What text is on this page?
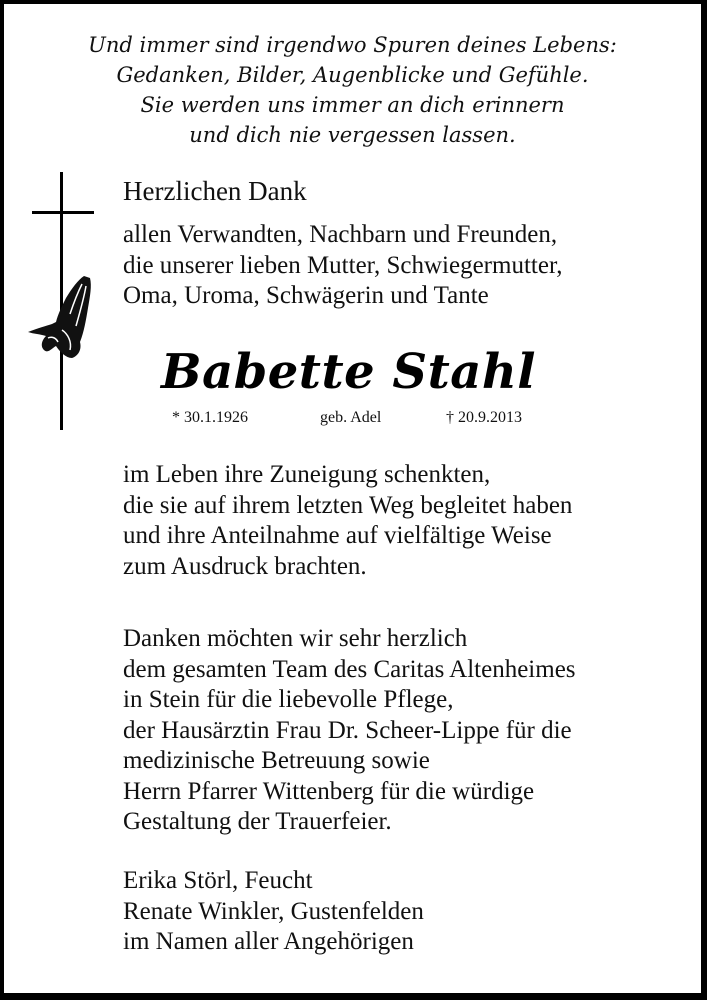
Und immer sind irgendwo Spuren deines Lebens:
Gedanken, Bilder, Augenblicke und Gefühle.
Sie werden uns immer an dich erinnern
und dich nie vergessen lassen.
Herzlichen Dank
allen Verwandten, Nachbarn und Freunden,
die unserer lieben Mutter, Schwiegermutter,
Oma, Uroma, Schwägerin und Tante
Babette Stahl
* 30.1.1926	geb. Adel	† 20.9.2013
im Leben ihre Zuneigung schenkten,
die sie auf ihrem letzten Weg begleitet haben
und ihre Anteilnahme auf vielfältige Weise
zum Ausdruck brachten.
Danken möchten wir sehr herzlich
dem gesamten Team des Caritas Altenheimes
in Stein für die liebevolle Pflege,
der Hausärztin Frau Dr. Scheer-Lippe für die
medizinische Betreuung sowie
Herrn Pfarrer Wittenberg für die würdige
Gestaltung der Trauerfeier.
Erika Störl, Feucht
Renate Winkler, Gustenfelden
im Namen aller Angehörigen
